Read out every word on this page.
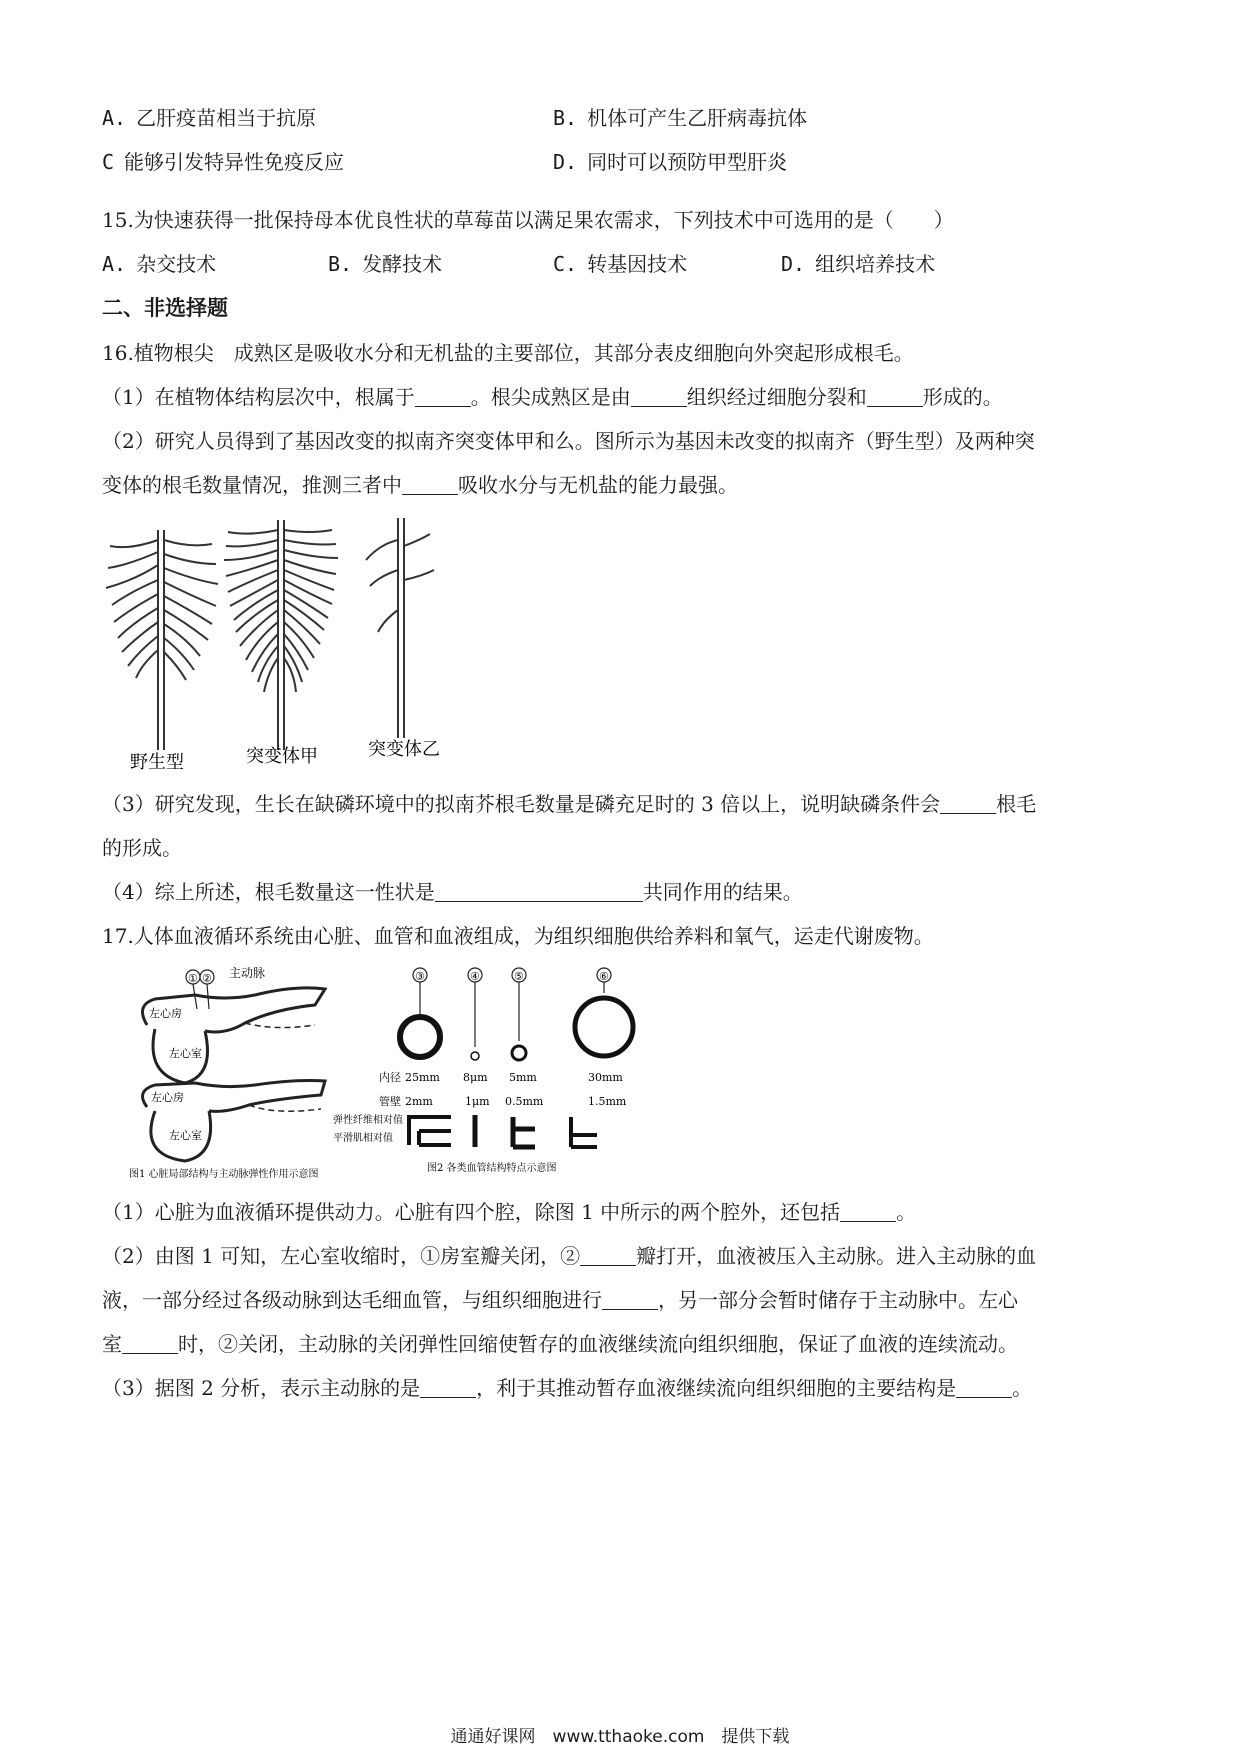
A. 乙肝疫苗相当于抗原	B. 机体可产生乙肝病毒抗体
C 能够引发特异性免疫反应	D. 同时可以预防甲型肝炎
15.为快速获得一批保持母本优良性状的草莓苗以满足果农需求，下列技术中可选用的是（　　）
A. 杂交技术	B. 发酵技术	C. 转基因技术	D. 组织培养技术
二、非选择题
16.植物根尖　成熟区是吸收水分和无机盐的主要部位，其部分表皮细胞向外突起形成根毛。
（1）在植物体结构层次中，根属于	。根尖成熟区是由	组织经过细胞分裂和	形成的。
（2）研究人员得到了基因改变的拟南齐突变体甲和么。图所示为基因未改变的拟南齐（野生型）及两种突
变体的根毛数量情况，推测三者中	吸收水分与无机盐的能力最强。
野生型	突变体甲	突变体乙
（3）研究发现，生长在缺磷环境中的拟南芥根毛数量是磷充足时的 3 倍以上，说明缺磷条件会	根毛
的形成。
（4）综上所述，根毛数量这一性状是	共同作用的结果。
17.人体血液循环系统由心脏、血管和血液组成，为组织细胞供给养料和氧气，运走代谢废物。
① ② 主动脉
左心房
左心室
左心房
左心室
图1 心脏局部结构与主动脉弹性作用示意图
③	④	⑤	⑥
内径
管壁
25mm 8μm 5mm	30mm
2mm	1μm 0.5mm	1.5mm
弹性纤维相对值
平滑肌相对值
图2 各类血管结构特点示意图
（1）心脏为血液循环提供动力。心脏有四个腔，除图 1 中所示的两个腔外，还包括	。
（2）由图 1 可知，左心室收缩时，①房室瓣关闭，②	瓣打开，血液被压入主动脉。进入主动脉的血
液，一部分经过各级动脉到达毛细血管，与组织细胞进行	，另一部分会暂时储存于主动脉中。左心
室	时，②关闭，主动脉的关闭弹性回缩使暂存的血液继续流向组织细胞，保证了血液的连续流动。
（3）据图 2 分析，表示主动脉的是	，利于其推动暂存血液继续流向组织细胞的主要结构是	。
通通好课网　www.tthaoke.com　提供下载
